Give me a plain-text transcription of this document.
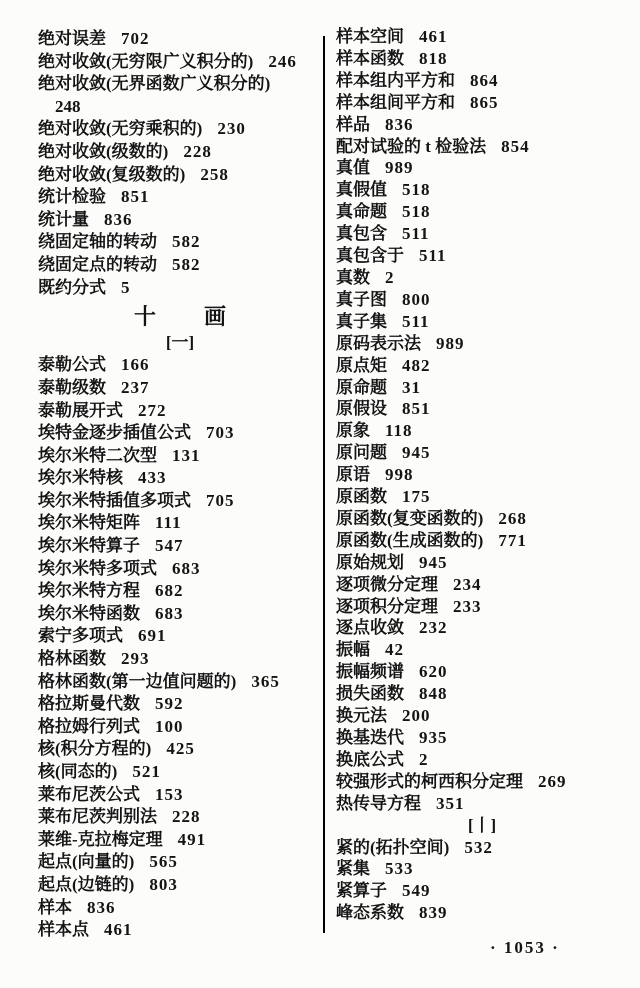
绝对误差 702
绝对收敛(无穷限广义积分的) 246
绝对收敛(无界函数广义积分的)
248
绝对收敛(无穷乘积的) 230
绝对收敛(级数的) 228
绝对收敛(复级数的) 258
统计检验 851
统计量 836
绕固定轴的转动 582
绕固定点的转动 582
既约分式 5
十 画
[一]
泰勒公式 166
泰勒级数 237
泰勒展开式 272
埃特金逐步插值公式 703
埃尔米特二次型 131
埃尔米特核 433
埃尔米特插值多项式 705
埃尔米特矩阵 111
埃尔米特算子 547
埃尔米特多项式 683
埃尔米特方程 682
埃尔米特函数 683
索宁多项式 691
格林函数 293
格林函数(第一边值问题的) 365
格拉斯曼代数 592
格拉姆行列式 100
核(积分方程的) 425
核(同态的) 521
莱布尼茨公式 153
莱布尼茨判别法 228
莱维-克拉梅定理 491
起点(向量的) 565
起点(边链的) 803
样本 836
样本点 461
样本空间 461
样本函数 818
样本组内平方和 864
样本组间平方和 865
样品 836
配对试验的 t 检验法 854
真值 989
真假值 518
真命题 518
真包含 511
真包含于 511
真数 2
真子图 800
真子集 511
原码表示法 989
原点矩 482
原命题 31
原假设 851
原象 118
原问题 945
原语 998
原函数 175
原函数(复变函数的) 268
原函数(生成函数的) 771
原始规划 945
逐项微分定理 234
逐项积分定理 233
逐点收敛 232
振幅 42
振幅频谱 620
损失函数 848
换元法 200
换基迭代 935
换底公式 2
较强形式的柯西积分定理 269
热传导方程 351
[丨]
紧的(拓扑空间) 532
紧集 533
紧算子 549
峰态系数 839
· 1053 ·
